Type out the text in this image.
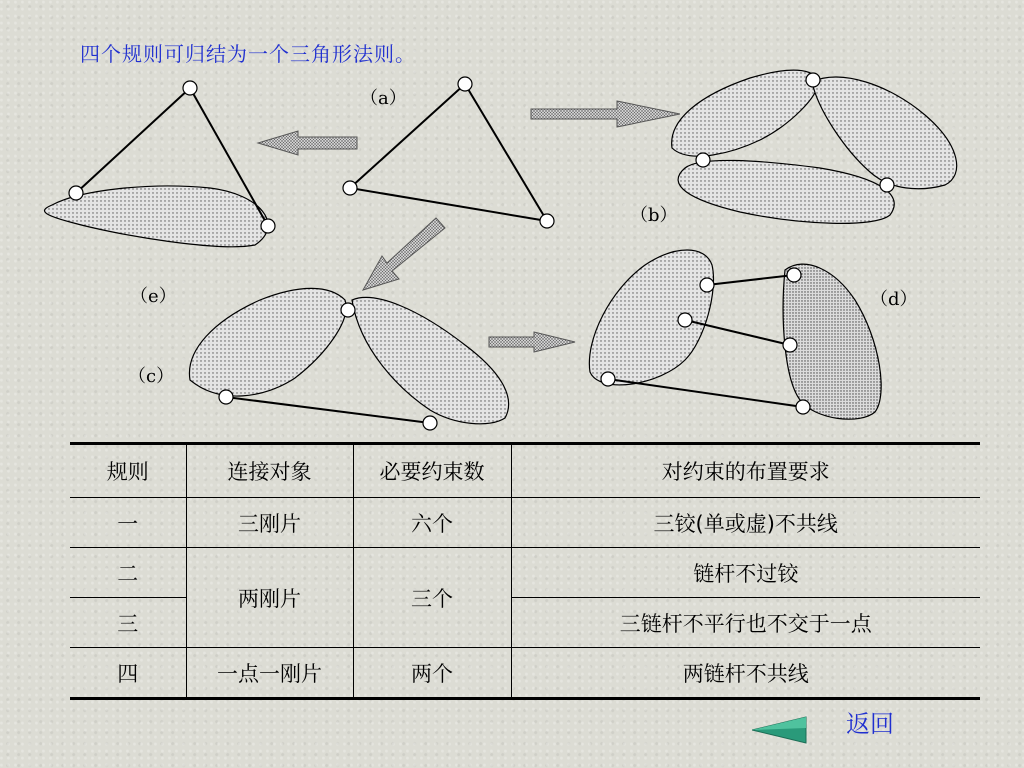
四个规则可归结为一个三角形法则。
（a）
（e）
（b）
（c）
（d）
规则	连接对象	必要约束数	对约束的布置要求
一	三刚片	六个	三铰(单或虚)不共线
二	两刚片	三个	链杆不过铰
三			三链杆不平行也不交于一点
四	一点一刚片	两个	两链杆不共线
返回
